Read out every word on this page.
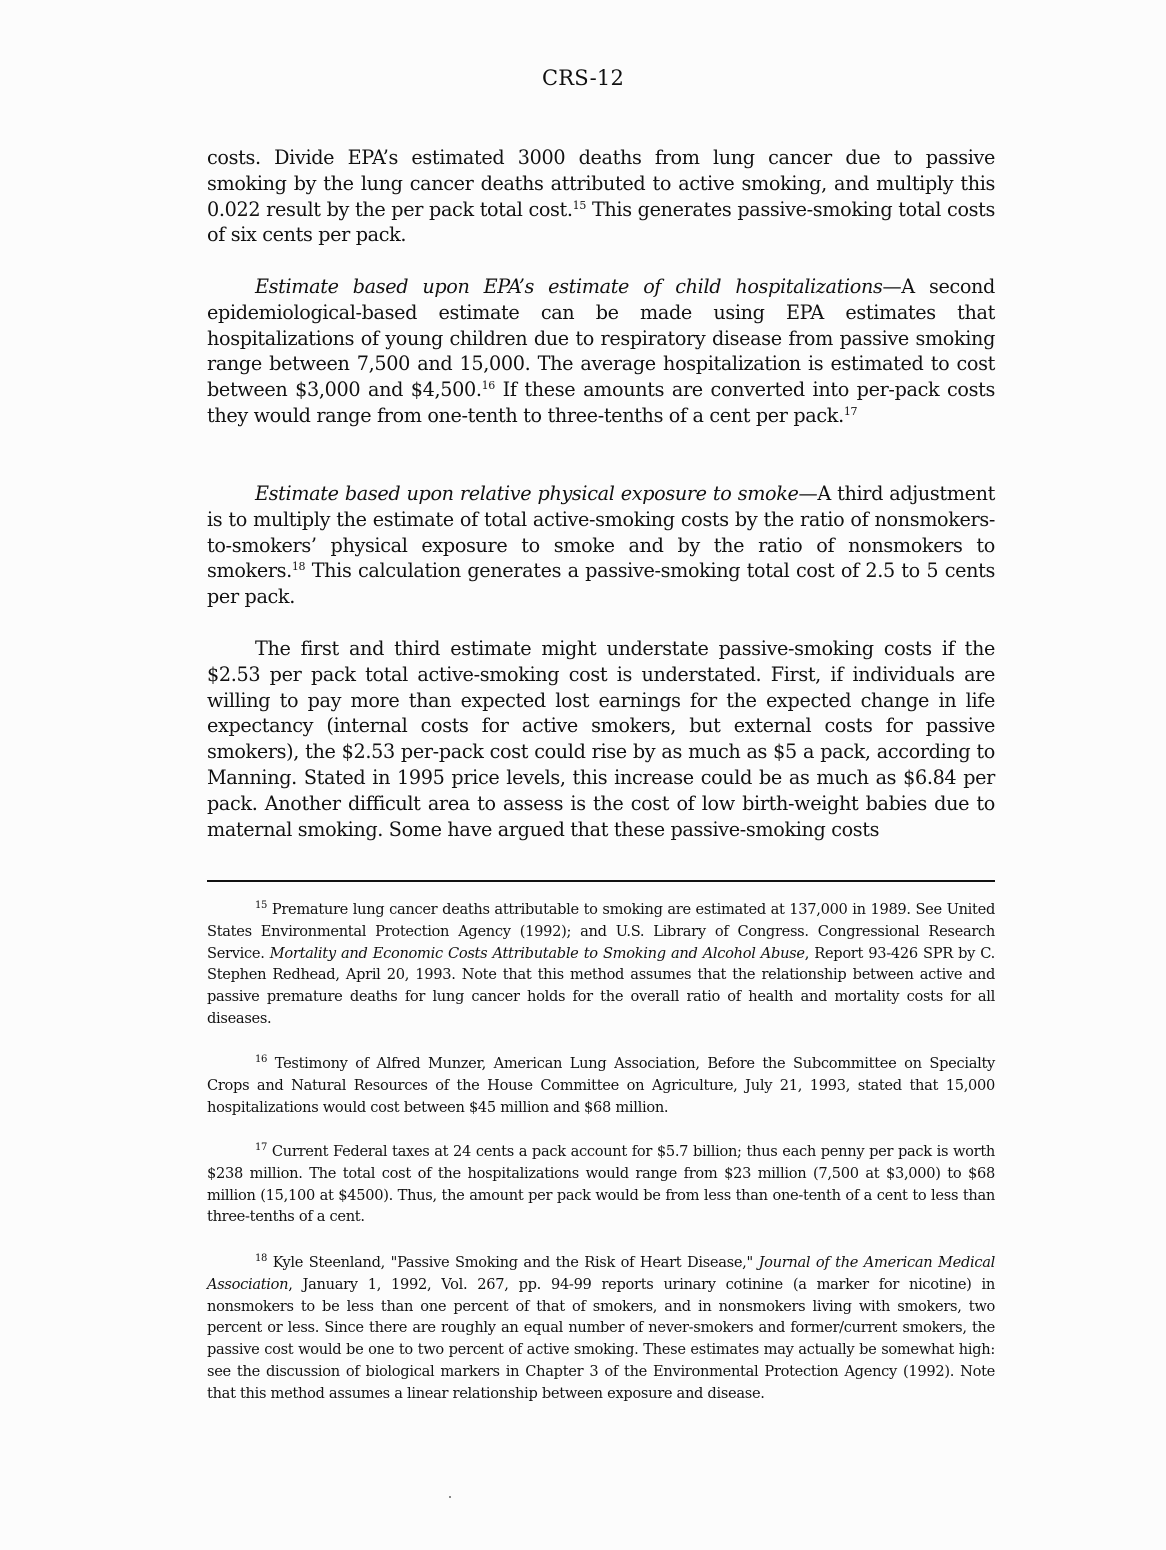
CRS-12

costs. Divide EPA’s estimated 3000 deaths from lung cancer due to passive smoking by the lung cancer deaths attributed to active smoking, and multiply this 0.022 result by the per pack total cost.$^{15}$ This generates passive-smoking total costs of six cents per pack.

Estimate based upon EPA’s estimate of child hospitalizations—A second epidemiological-based estimate can be made using EPA estimates that hospitalizations of young children due to respiratory disease from passive smoking range between 7,500 and 15,000. The average hospitalization is estimated to cost between $3,000 and $4,500.16 If these amounts are converted into per-pack costs they would range from one-tenth to three-tenths of a cent per pack.$^{17}$

Estimate based upon relative physical exposure to smoke—A third adjustment is to multiply the estimate of total active-smoking costs by the ratio of nonsmokers-to-smokers’ physical exposure to smoke and by the ratio of nonsmokers to smokers.$^{18}$ This calculation generates a passive-smoking total cost of 2.5 to 5 cents per pack.

The first and third estimate might understate passive-smoking costs if the $2.53 per pack total active-smoking cost is understated. First, if individuals are willing to pay more than expected lost earnings for the expected change in life expectancy (internal costs for active smokers, but external costs for passive smokers), the $2.53 per-pack cost could rise by as much as $5 a pack, according to Manning. Stated in 1995 price levels, this increase could be as much as $6.84 per pack. Another difficult area to assess is the cost of low birth-weight babies due to maternal smoking. Some have argued that these passive-smoking costs

$^{15}$ Premature lung cancer deaths attributable to smoking are estimated at 137,000 in 1989. See United States Environmental Protection Agency (1992); and U.S. Library of Congress. Congressional Research Service. Mortality and Economic Costs Attributable to Smoking and Alcohol Abuse, Report 93-426 SPR by C. Stephen Redhead, April 20, 1993. Note that this method assumes that the relationship between active and passive premature deaths for lung cancer holds for the overall ratio of health and mortality costs for all diseases.

$^{16}$ Testimony of Alfred Munzer, American Lung Association, Before the Subcommittee on Specialty Crops and Natural Resources of the House Committee on Agriculture, July 21, 1993, stated that 15,000 hospitalizations would cost between $45 million and $68 million.

$^{17}$ Current Federal taxes at 24 cents a pack account for $5.7 billion; thus each penny per pack is worth $238 million. The total cost of the hospitalizations would range from $23 million (7,500 at $3,000) to $68 million (15,100 at $4500). Thus, the amount per pack would be from less than one-tenth of a cent to less than three-tenths of a cent.

$^{18}$ Kyle Steenland, "Passive Smoking and the Risk of Heart Disease," Journal of the American Medical Association, January 1, 1992, Vol. 267, pp. 94-99 reports urinary cotinine (a marker for nicotine) in nonsmokers to be less than one percent of that of smokers, and in nonsmokers living with smokers, two percent or less. Since there are roughly an equal number of never-smokers and former/current smokers, the passive cost would be one to two percent of active smoking. These estimates may actually be somewhat high: see the discussion of biological markers in Chapter 3 of the Environmental Protection Agency (1992). Note that this method assumes a linear relationship between exposure and disease.
